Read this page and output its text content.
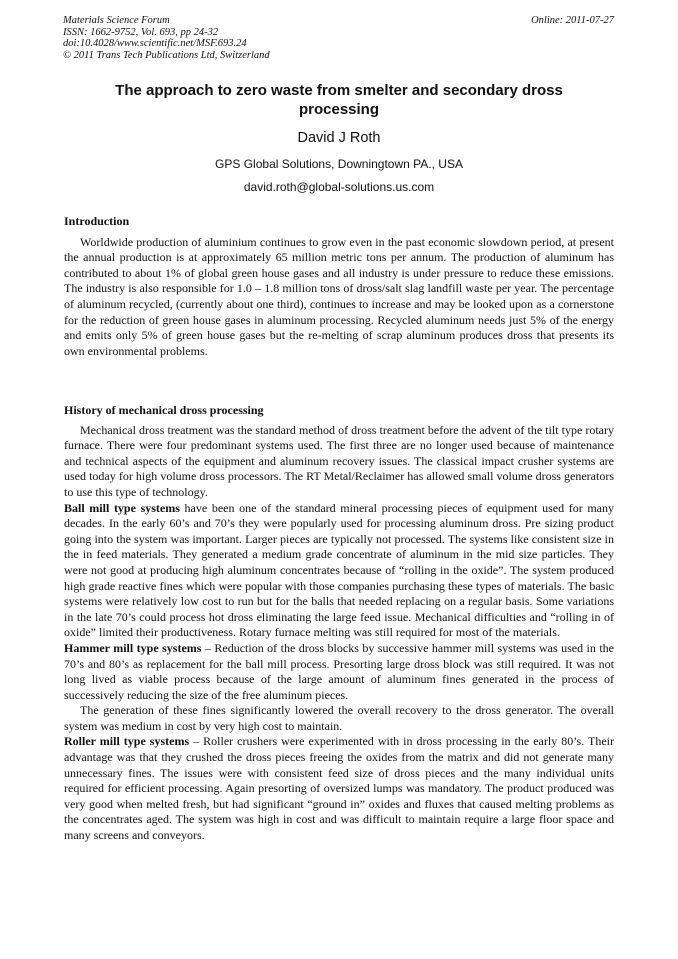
Materials Science Forum
ISSN: 1662-9752, Vol. 693, pp 24-32
doi:10.4028/www.scientific.net/MSF.693.24
© 2011 Trans Tech Publications Ltd, Switzerland
Online: 2011-07-27
The approach to zero waste from smelter and secondary dross processing
David J Roth
GPS Global Solutions, Downingtown PA., USA
david.roth@global-solutions.us.com

Introduction

Worldwide production of aluminium continues to grow even in the past economic slowdown period, at present the annual production is at approximately 65 million metric tons per annum. The production of aluminum has contributed to about 1% of global green house gases and all industry is under pressure to reduce these emissions. The industry is also responsible for 1.0 – 1.8 million tons of dross/salt slag landfill waste per year. The percentage of aluminum recycled, (currently about one third), continues to increase and may be looked upon as a cornerstone for the reduction of green house gases in aluminum processing. Recycled aluminum needs just 5% of the energy and emits only 5% of green house gases but the re-melting of scrap aluminum produces dross that presents its own environmental problems.

History of mechanical dross processing

Mechanical dross treatment was the standard method of dross treatment before the advent of the tilt type rotary furnace. There were four predominant systems used. The first three are no longer used because of maintenance and technical aspects of the equipment and aluminum recovery issues. The classical impact crusher systems are used today for high volume dross processors. The RT Metal/Reclaimer has allowed small volume dross generators to use this type of technology.

Ball mill type systems have been one of the standard mineral processing pieces of equipment used for many decades. In the early 60’s and 70’s they were popularly used for processing aluminum dross. Pre sizing product going into the system was important. Larger pieces are typically not processed. The systems like consistent size in the in feed materials. They generated a medium grade concentrate of aluminum in the mid size particles. They were not good at producing high aluminum concentrates because of “rolling in the oxide”. The system produced high grade reactive fines which were popular with those companies purchasing these types of materials. The basic systems were relatively low cost to run but for the balls that needed replacing on a regular basis. Some variations in the late 70’s could process hot dross eliminating the large feed issue. Mechanical difficulties and “rolling in of oxide” limited their productiveness. Rotary furnace melting was still required for most of the materials.

Hammer mill type systems – Reduction of the dross blocks by successive hammer mill systems was used in the 70’s and 80’s as replacement for the ball mill process. Presorting large dross block was still required. It was not long lived as viable process because of the large amount of aluminum fines generated in the process of successively reducing the size of the free aluminum pieces.

The generation of these fines significantly lowered the overall recovery to the dross generator. The overall system was medium in cost by very high cost to maintain.

Roller mill type systems – Roller crushers were experimented with in dross processing in the early 80’s. Their advantage was that they crushed the dross pieces freeing the oxides from the matrix and did not generate many unnecessary fines. The issues were with consistent feed size of dross pieces and the many individual units required for efficient processing. Again presorting of oversized lumps was mandatory. The product produced was very good when melted fresh, but had significant “ground in” oxides and fluxes that caused melting problems as the concentrates aged. The system was high in cost and was difficult to maintain require a large floor space and many screens and conveyors.
